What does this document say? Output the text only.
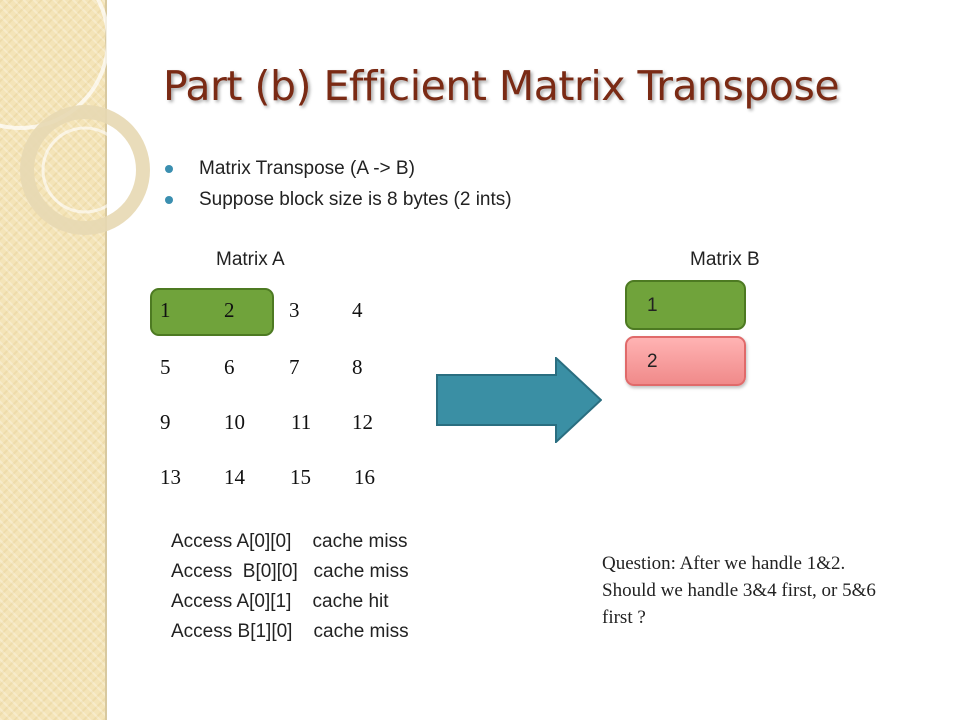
Part (b) Efficient Matrix Transpose
Matrix Transpose (A -> B)
Suppose block size is 8 bytes (2 ints)
Matrix A	Matrix B
1	2	3	4
5	6	7	8
9	10 11 12
13 14 15 16
1
2
Access A[0][0]    cache miss
Access  B[0][0]   cache miss
Access A[0][1]    cache hit
Access B[1][0]    cache miss
Question: After we handle 1&2. Should we handle 3&4 first, or 5&6 first ?
